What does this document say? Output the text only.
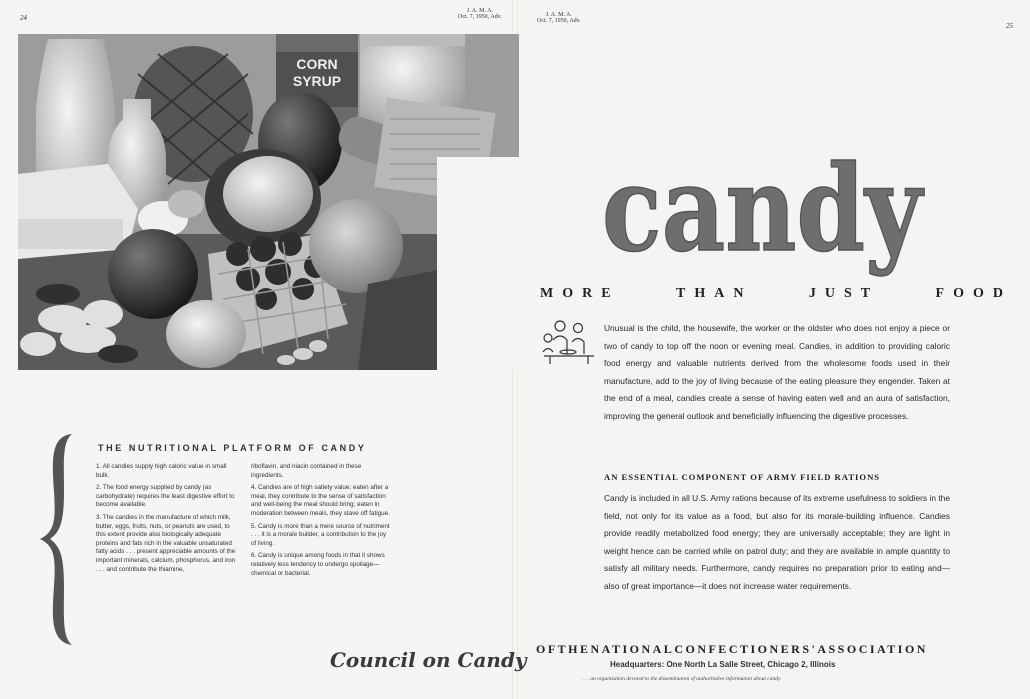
24
25
J. A. M. A.
Oct. 7, 1950, Adv.	J. A. M. A.
Oct. 7, 1950, Adv.
CORN
SYRUP
THE NUTRITIONAL PLATFORM OF CANDY

1. All candies supply high caloric value in small bulk.

2. The food energy supplied by candy (as carbohydrate) requires the least digestive effort to become available.

3. The candies in the manufacture of which milk, butter, eggs, fruits, nuts, or peanuts are used, to this extent provide also biologically adequate proteins and fats rich in the valuable unsaturated fatty acids . . . present appreciable amounts of the important minerals, calcium, phosphorus, and iron . . . and contribute the thiamine,

riboflavin, and niacin contained in these ingredients.

4. Candies are of high satiety value; eaten after a meal, they contribute to the sense of satisfaction and well-being the meal should bring; eaten in moderation between meals, they stave off fatigue.

5. Candy is more than a mere source of nutriment . . . it is a morale builder, a contribution to the joy of living.

6. Candy is unique among foods in that it shows relatively less tendency to undergo spoilage—chemical or bacterial.

Council on Candy
candy
MORE	THAN	JUST	FOOD
Unusual is the child, the housewife, the worker or the oldster who does not enjoy a piece or two of candy to top off the noon or evening meal. Candies, in addition to providing caloric food energy and valuable nutrients derived from the wholesome foods used in their manufacture, add to the joy of living because of the eating pleasure they engender. Taken at the end of a meal, candies create a sense of having eaten well and an aura of satisfaction, improving the general outlook and beneficially influencing the digestive processes.
AN ESSENTIAL COMPONENT OF ARMY FIELD RATIONS
Candy is included in all U.S. Army rations because of its extreme usefulness to soldiers in the field, not only for its value as a food, but also for its morale-building influence. Candies provide readily metabolized food energy; they are universally acceptable; they are light in weight hence can be carried while on patrol duty; and they are available in ample quantity to satisfy all military needs. Furthermore, candy requires no preparation prior to eating and—also of great importance—it does not increase water requirements.
OF THE NATIONAL CONFECTIONERS' ASSOCIATION
Headquarters: One North La Salle Street, Chicago 2, Illinois
. . . an organization devoted to the dissemination of authoritative information about candy.
